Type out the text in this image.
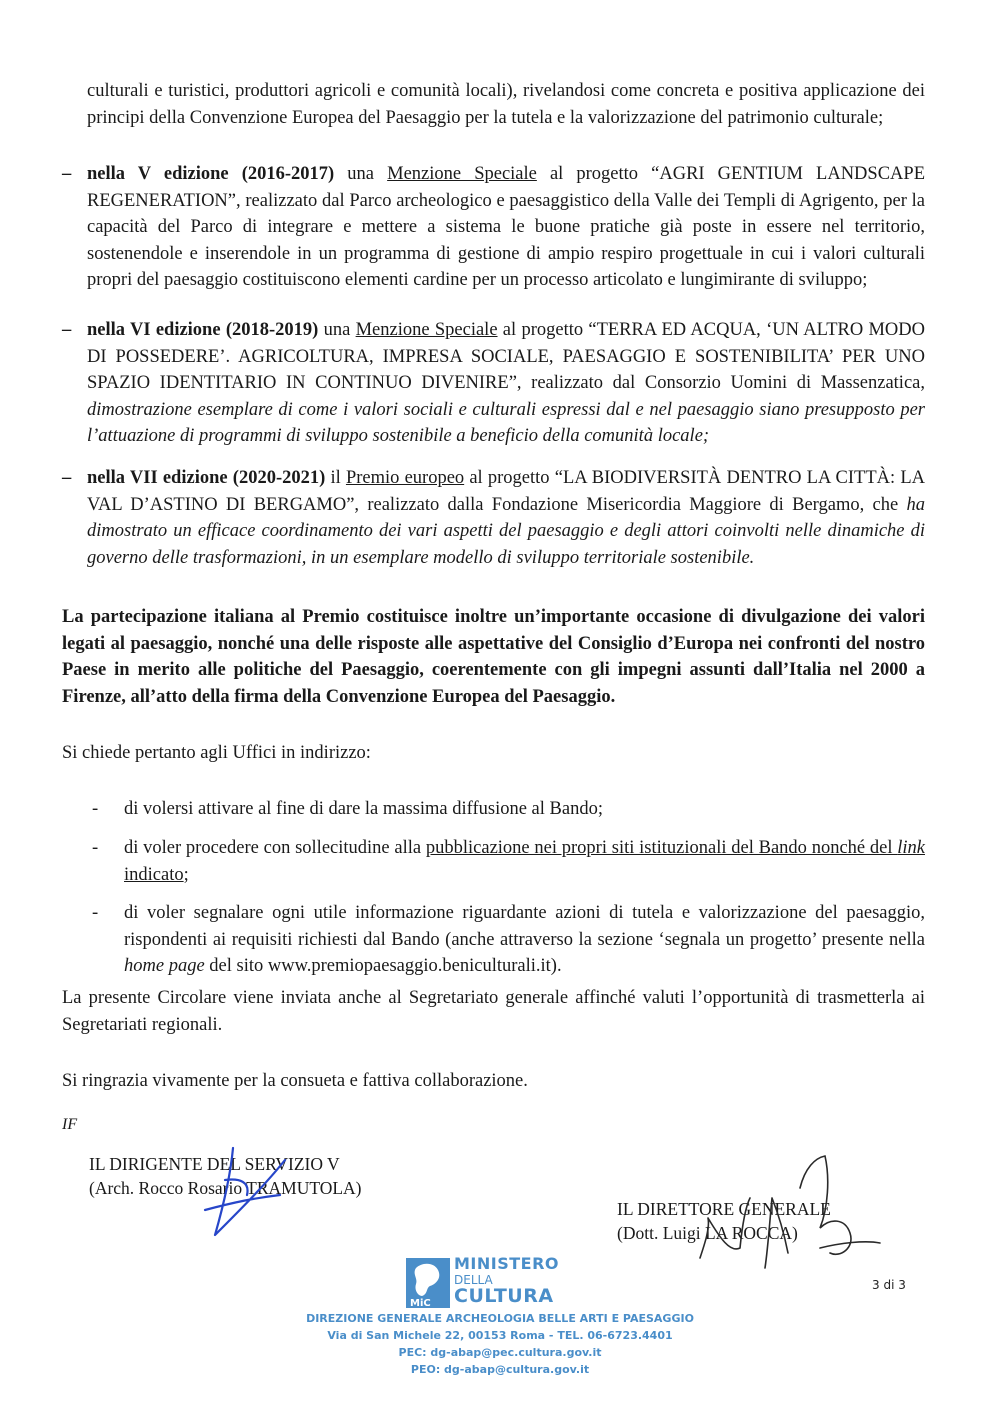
culturali e turistici, produttori agricoli e comunità locali), rivelandosi come concreta e positiva applicazione dei principi della Convenzione Europea del Paesaggio per la tutela e la valorizzazione del patrimonio culturale;

– nella V edizione (2016-2017) una Menzione Speciale al progetto “AGRI GENTIUM LANDSCAPE REGENERATION”, realizzato dal Parco archeologico e paesaggistico della Valle dei Templi di Agrigento, per la capacità del Parco di integrare e mettere a sistema le buone pratiche già poste in essere nel territorio, sostenendole e inserendole in un programma di gestione di ampio respiro progettuale in cui i valori culturali propri del paesaggio costituiscono elementi cardine per un processo articolato e lungimirante di sviluppo;
– nella VI edizione (2018-2019) una Menzione Speciale al progetto “TERRA ED ACQUA, ‘UN ALTRO MODO DI POSSEDERE’. AGRICOLTURA, IMPRESA SOCIALE, PAESAGGIO E SOSTENIBILITA’ PER UNO SPAZIO IDENTITARIO IN CONTINUO DIVENIRE”, realizzato dal Consorzio Uomini di Massenzatica, dimostrazione esemplare di come i valori sociali e culturali espressi dal e nel paesaggio siano presupposto per l’attuazione di programmi di sviluppo sostenibile a beneficio della comunità locale;
– nella VII edizione (2020-2021) il Premio europeo al progetto “LA BIODIVERSITÀ DENTRO LA CITTÀ: LA VAL D’ASTINO DI BERGAMO”, realizzato dalla Fondazione Misericordia Maggiore di Bergamo, che ha dimostrato un efficace coordinamento dei vari aspetti del paesaggio e degli attori coinvolti nelle dinamiche di governo delle trasformazioni, in un esemplare modello di sviluppo territoriale sostenibile.

La partecipazione italiana al Premio costituisce inoltre un’importante occasione di divulgazione dei valori legati al paesaggio, nonché una delle risposte alle aspettative del Consiglio d’Europa nei confronti del nostro Paese in merito alle politiche del Paesaggio, coerentemente con gli impegni assunti dall’Italia nel 2000 a Firenze, all’atto della firma della Convenzione Europea del Paesaggio.

Si chiede pertanto agli Uffici in indirizzo:

- di volersi attivare al fine di dare la massima diffusione al Bando;
- di voler procedere con sollecitudine alla pubblicazione nei propri siti istituzionali del Bando nonché del link indicato;
- di voler segnalare ogni utile informazione riguardante azioni di tutela e valorizzazione del paesaggio, rispondenti ai requisiti richiesti dal Bando (anche attraverso la sezione ‘segnala un progetto’ presente nella home page del sito www.premiopaesaggio.beniculturali.it).

La presente Circolare viene inviata anche al Segretariato generale affinché valuti l’opportunità di trasmetterla ai Segretariati regionali.

Si ringrazia vivamente per la consueta e fattiva collaborazione.

IF

IL DIRIGENTE DEL SERVIZIO V
(Arch. Rocco Rosario TRAMUTOLA)
IL DIRETTORE GENERALE
(Dott. Luigi LA ROCCA)
3 di 3
MiC
MINISTERO
DELLA
CULTURA
DIREZIONE GENERALE ARCHEOLOGIA BELLE ARTI E PAESAGGIO
Via di San Michele 22, 00153 Roma - TEL. 06-6723.4401
PEC: dg-abap@pec.cultura.gov.it
PEO: dg-abap@cultura.gov.it
